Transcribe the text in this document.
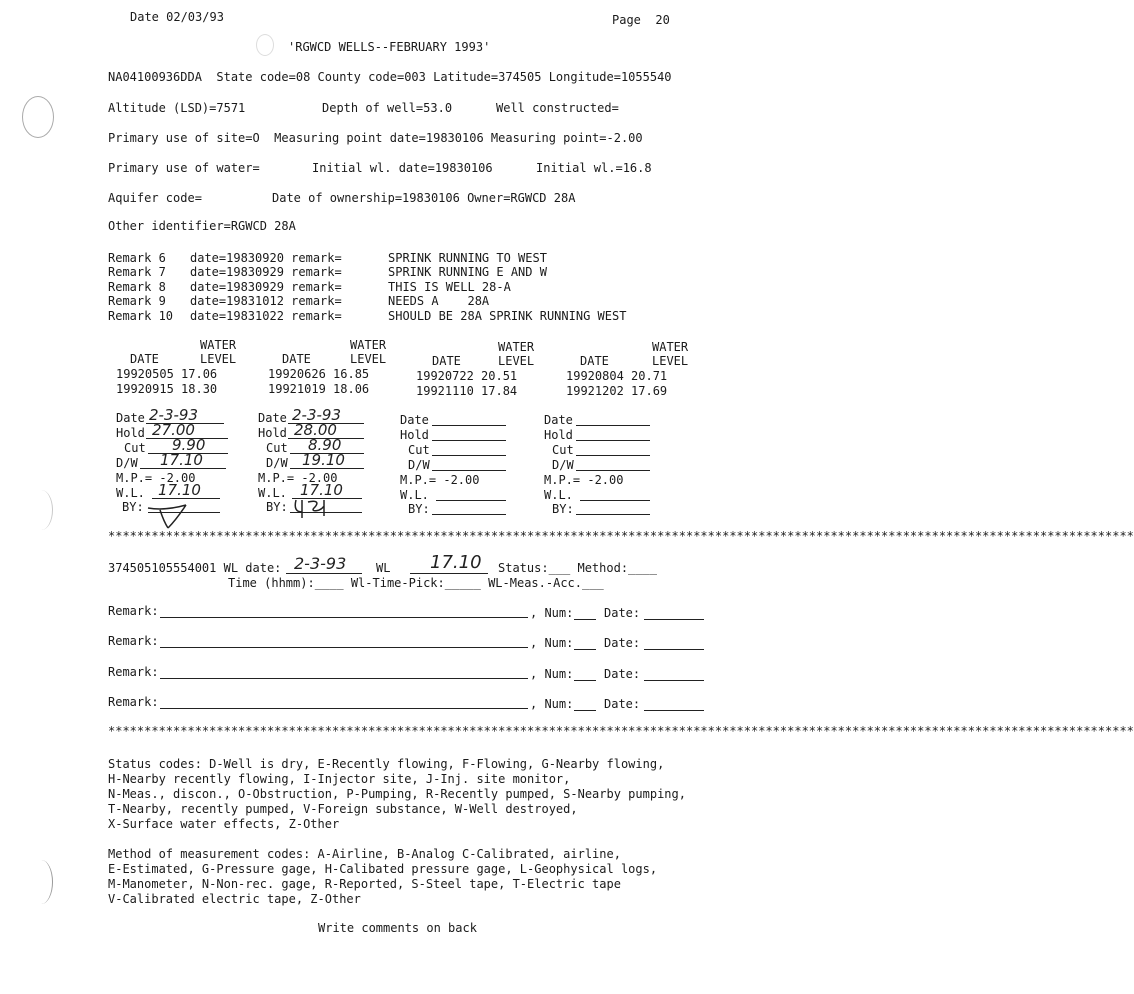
Date 02/03/93	Page  20
'RGWCD WELLS--FEBRUARY 1993'
NA04100936DDA  State code=08 County code=003 Latitude=374505 Longitude=1055540
Altitude (LSD)=7571	Depth of well=53.0	Well constructed=
Primary use of site=O  Measuring point date=19830106 Measuring point=-2.00
Primary use of water=	Initial wl. date=19830106	Initial wl.=16.8
Aquifer code=	Date of ownership=19830106 Owner=RGWCD 28A
Other identifier=RGWCD 28A
Remark 6 date=19830920 remark=	SPRINK RUNNING TO WEST
Remark 7 date=19830929 remark=	SPRINK RUNNING E AND W
Remark 8 date=19830929 remark=	THIS IS WELL 28-A
Remark 9 date=19831012 remark=	NEEDS A    28A
Remark 10 date=19831022 remark=	SHOULD BE 28A SPRINK RUNNING WEST
WATER	WATER	WATER	WATER
DATE	LEVEL	DATE	LEVEL	DATE	LEVEL	DATE	LEVEL
19920505 17.06	19920626 16.85	19920722 20.51	19920804 20.71
19920915 18.30	19921019 18.06	19921110 17.84	19921202 17.69
Date 2-3-93
Hold 27.00
Cut 9.90
D/W 17.10
M.P.= -2.00
W.L. 17.10
BY:
Date 2-3-93
Hold 28.00
Cut 8.90
D/W 19.10
M.P.= -2.00
W.L. 17.10
BY:
Date
Hold
Cut
D/W
M.P.= -2.00
W.L.
BY:
Date
Hold
Cut
D/W
M.P.= -2.00
W.L.
BY:
**********************************************************************************************************************************************
374505105554001 WL date: 2-3-93 WL 17.10 Status:___ Method:____
Time (hhmm):____ Wl-Time-Pick:_____ WL-Meas.-Acc.___
Remark:	, Num:	Date:
Remark:	, Num:	Date:
Remark:	, Num:	Date:
Remark:	, Num:	Date:
**********************************************************************************************************************************************
Status codes: D-Well is dry, E-Recently flowing, F-Flowing, G-Nearby flowing,
H-Nearby recently flowing, I-Injector site, J-Inj. site monitor,
N-Meas., discon., O-Obstruction, P-Pumping, R-Recently pumped, S-Nearby pumping,
T-Nearby, recently pumped, V-Foreign substance, W-Well destroyed,
X-Surface water effects, Z-Other
Method of measurement codes: A-Airline, B-Analog C-Calibrated, airline,
E-Estimated, G-Pressure gage, H-Calibated pressure gage, L-Geophysical logs,
M-Manometer, N-Non-rec. gage, R-Reported, S-Steel tape, T-Electric tape
V-Calibrated electric tape, Z-Other
Write comments on back
